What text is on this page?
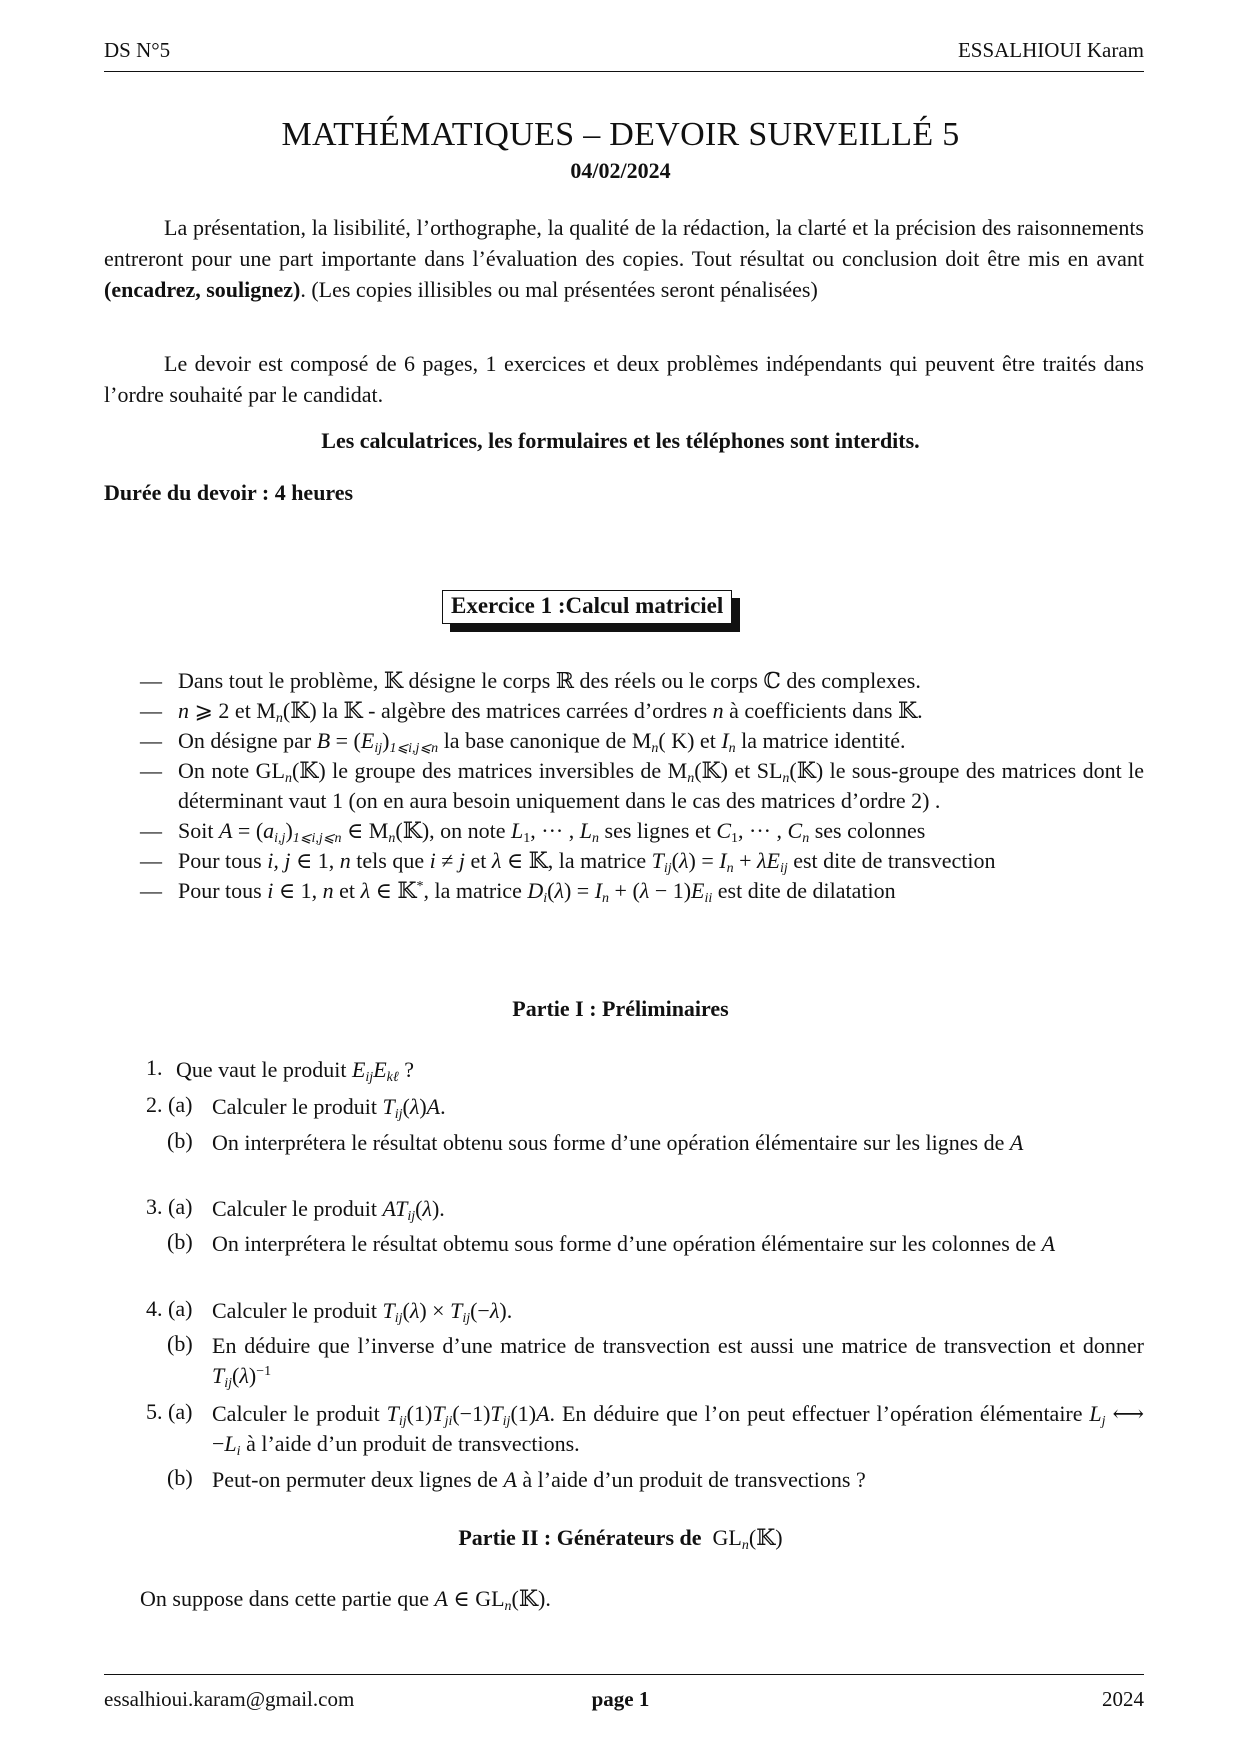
DS N°5	ESSALHIOUI Karam
MATHÉMATIQUES – DEVOIR SURVEILLÉ 5
04/02/2024

La présentation, la lisibilité, l’orthographe, la qualité de la rédaction, la clarté et la précision des raisonnements entreront pour une part importante dans l’évaluation des copies. Tout résultat ou conclusion doit être mis en avant (encadrez, soulignez). (Les copies illisibles ou mal présentées seront pénalisées)

Le devoir est composé de 6 pages, 1 exercices et deux problèmes indépendants qui peuvent être traités dans l’ordre souhaité par le candidat.

Les calculatrices, les formulaires et les téléphones sont interdits.
Durée du devoir : 4 heures
Exercice 1 :Calcul matriciel
— Dans tout le problème, 𝕂 désigne le corps ℝ des réels ou le corps ℂ des complexes.
— n ⩾ 2 et $M_n(𝕂)$ la 𝕂 - algèbre des matrices carrées d’ordres n à coefficients dans 𝕂.
— On désigne par $B = (E_{ij})_{1⩽i,j⩽n}$ la base canonique de $M_n$( K) et $I_n$ la matrice identité.
— On note $GL_n(𝕂)$ le groupe des matrices inversibles de $M_n(𝕂)$ et $SL_n(𝕂)$ le sous-groupe des matrices dont le déterminant vaut 1 (on en aura besoin uniquement dans le cas des matrices d’ordre 2) .
— Soit $A = (a_{i,j})_{1⩽i,j⩽n}$ ∈ $M_n(𝕂)$, on note $L_1$, ··· , $L_n$ ses lignes et $C_1$, ··· , $C_n$ ses colonnes
— Pour tous i, j ∈ 1, n tels que i ≠ j et λ ∈ 𝕂, la matrice $T_{ij}(\lambda) = I_n + \lambda E_{ij}$ est dite de transvection
— Pour tous i ∈ 1, n et λ ∈ 𝕂*, la matrice $D_i(\lambda) = I_n + (\lambda - 1)E_{ii}$ est dite de dilatation
Partie I : Préliminaires
1. Que vaut le produit $E_{ij}E_{k\ell}$ ?
2. (a) Calculer le produit $T_{ij}(\lambda)A$.
(b) On interprétera le résultat obtenu sous forme d’une opération élémentaire sur les lignes de A
3. (a) Calculer le produit $AT_{ij}(\lambda)$.
(b) On interprétera le résultat obtemu sous forme d’une opération élémentaire sur les colonnes de A
4. (a) Calculer le produit $T_{ij}(\lambda) \times T_{ij}(-\lambda)$.
(b) En déduire que l’inverse d’une matrice de transvection est aussi une matrice de transvection et donner $T_{ij}(\lambda)^{-1}$
5. (a) Calculer le produit $T_{ij}(1)T_{ji}(-1)T_{ij}(1)A$. En déduire que l’on peut effectuer l’opération élémentaire $L_j$ ⟷ $-L_i$ à l’aide d’un produit de transvections.
(b) Peut-on permuter deux lignes de A à l’aide d’un produit de transvections ?
Partie II : Générateurs de  $GL_n(𝕂)$
On suppose dans cette partie que A ∈ $GL_n(𝕂)$.
essalhioui.karam@gmail.com	page 1	2024
